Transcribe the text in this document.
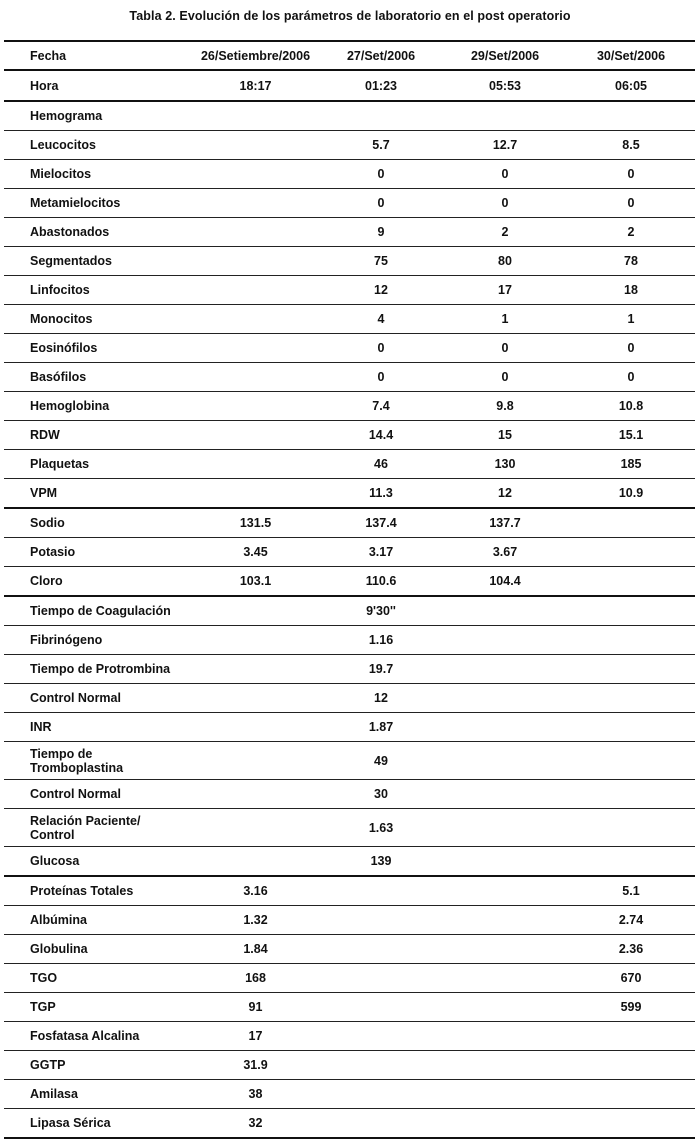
Tabla 2. Evolución de los parámetros de laboratorio en el post operatorio
Fecha	26/Setiembre/2006	27/Set/2006	29/Set/2006	30/Set/2006
Hora	18:17	01:23	05:53	06:05
Hemograma				
Leucocitos		5.7	12.7	8.5
Mielocitos		0	0	0
Metamielocitos		0	0	0
Abastonados		9	2	2
Segmentados		75	80	78
Linfocitos		12	17	18
Monocitos		4	1	1
Eosinófilos		0	0	0
Basófilos		0	0	0
Hemoglobina		7.4	9.8	10.8
RDW		14.4	15	15.1
Plaquetas		46	130	185
VPM		11.3	12	10.9
Sodio	131.5	137.4	137.7	
Potasio	3.45	3.17	3.67	
Cloro	103.1	110.6	104.4	
Tiempo de Coagulación		9'30''		
Fibrinógeno		1.16		
Tiempo de Protrombina		19.7		
Control Normal		12		
INR		1.87		
Tiempo de
Tromboplastina		49		
Control Normal		30		
Relación Paciente/
Control		1.63		
Glucosa		139		
Proteínas Totales	3.16			5.1
Albúmina	1.32			2.74
Globulina	1.84			2.36
TGO	168			670
TGP	91			599
Fosfatasa Alcalina	17			
GGTP	31.9			
Amilasa	38			
Lipasa Sérica	32			
